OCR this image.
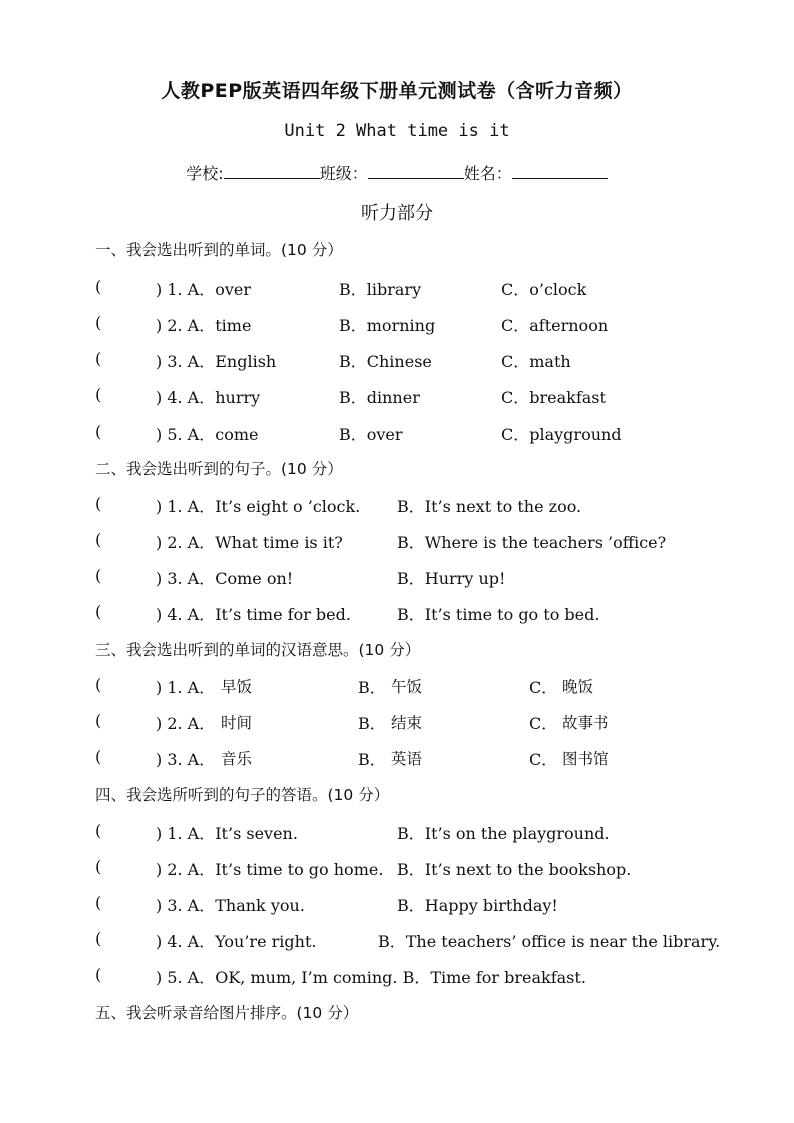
人教PEP版英语四年级下册单元测试卷（含听力音频）
Unit 2 What time is it
学校:	班级：	姓名：
听力部分
一、我会选出听到的单词。(10 分）
(	) 1. A．over	B．library	C．o’clock
(	) 2. A．time	B．morning	C．afternoon
(	) 3. A．English	B．Chinese	C．math
(	) 4. A．hurry	B．dinner	C．breakfast
(	) 5. A．come	B．over	C．playground
二、我会选出听到的句子。(10 分）
(	) 1. A．It’s eight o ’clock. B．It’s next to the zoo.
(	) 2. A．What time is it?	B．Where is the teachers ’office?
(	) 3. A．Come on!	B．Hurry up!
(	) 4. A．It’s time for bed.	B．It’s time to go to bed.
三、我会选出听到的单词的汉语意思。(10 分）
(	) 1. A． 早饭	B． 午饭	C． 晚饭
(	) 2. A． 时间	B． 结束	C． 故事书
(	) 3. A． 音乐	B． 英语	C． 图书馆
四、我会选所听到的句子的答语。(10 分）
(	) 1. A．It’s seven.	B．It’s on the playground.
(	) 2. A．It’s time to go home. B．It’s next to the bookshop.
(	) 3. A．Thank you.	B．Happy birthday!
(	) 4. A．You’re right.	B．The teachers’ office is near the library.
(	) 5. A．OK, mum, I’m coming. B．Time for breakfast.
五、我会听录音给图片排序。(10 分）
